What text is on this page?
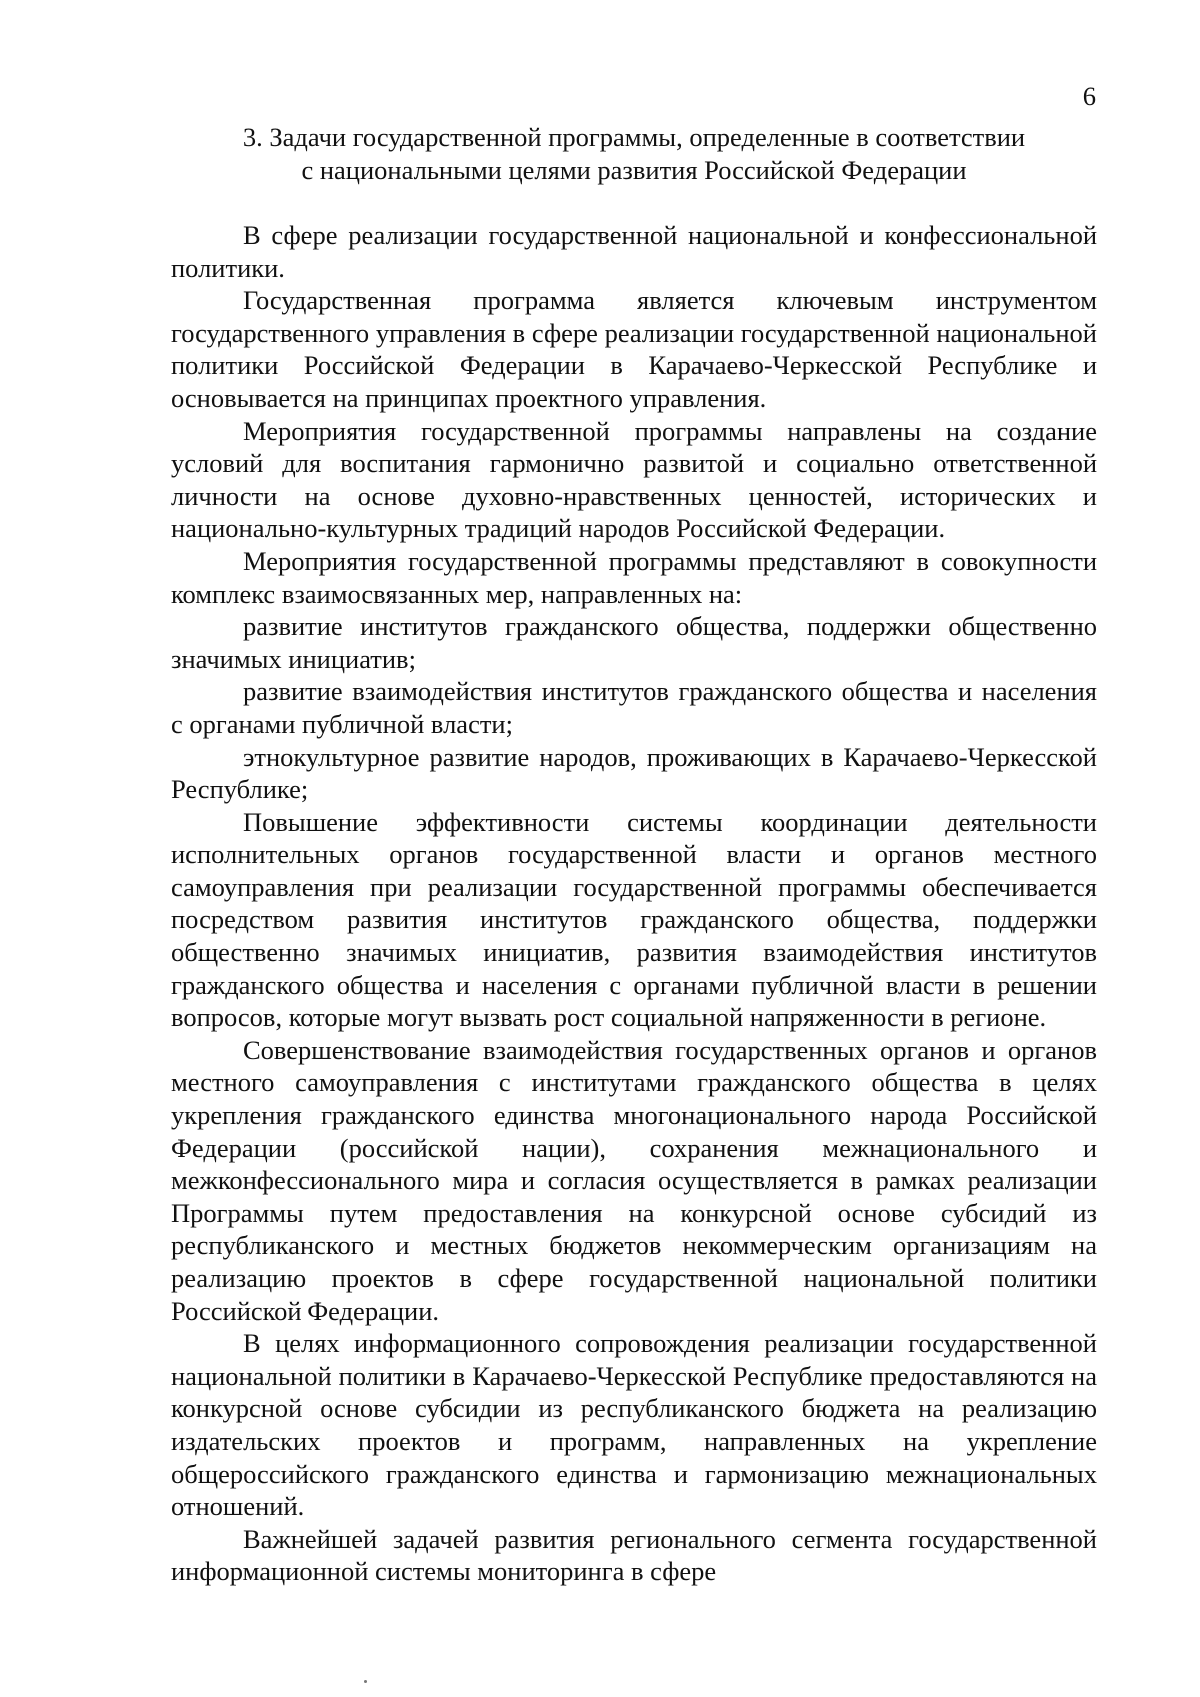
6
3. Задачи государственной программы, определенные в соответствии
с национальными целями развития Российской Федерации

В сфере реализации государственной национальной и конфессиональной политики.

Государственная программа является ключевым инструментом государственного управления в сфере реализации государственной национальной политики Российской Федерации в Карачаево-Черкесской Республике и основывается на принципах проектного управления.

Мероприятия государственной программы направлены на создание условий для воспитания гармонично развитой и социально ответственной личности на основе духовно-нравственных ценностей, исторических и национально-культурных традиций народов Российской Федерации.

Мероприятия государственной программы представляют в совокупности комплекс взаимосвязанных мер, направленных на:

развитие институтов гражданского общества, поддержки общественно значимых инициатив;

развитие взаимодействия институтов гражданского общества и населения с органами публичной власти;

этнокультурное развитие народов, проживающих в Карачаево-Черкесской Республике;

Повышение эффективности системы координации деятельности исполнительных органов государственной власти и органов местного самоуправления при реализации государственной программы обеспечивается посредством развития институтов гражданского общества, поддержки общественно значимых инициатив, развития взаимодействия институтов гражданского общества и населения с органами публичной власти в решении вопросов, которые могут вызвать рост социальной напряженности в регионе.

Совершенствование взаимодействия государственных органов и органов местного самоуправления с институтами гражданского общества в целях укрепления гражданского единства многонационального народа Российской Федерации (российской нации), сохранения межнационального и межконфессионального мира и согласия осуществляется в рамках реализации Программы путем предоставления на конкурсной основе субсидий из республиканского и местных бюджетов некоммерческим организациям на реализацию проектов в сфере государственной национальной политики Российской Федерации.

В целях информационного сопровождения реализации государственной национальной политики в Карачаево-Черкесской Республике предоставляются на конкурсной основе субсидии из республиканского бюджета на реализацию издательских проектов и программ, направленных на укрепление общероссийского гражданского единства и гармонизацию межнациональных отношений.

Важнейшей задачей развития регионального сегмента государственной информационной системы мониторинга в сфере
